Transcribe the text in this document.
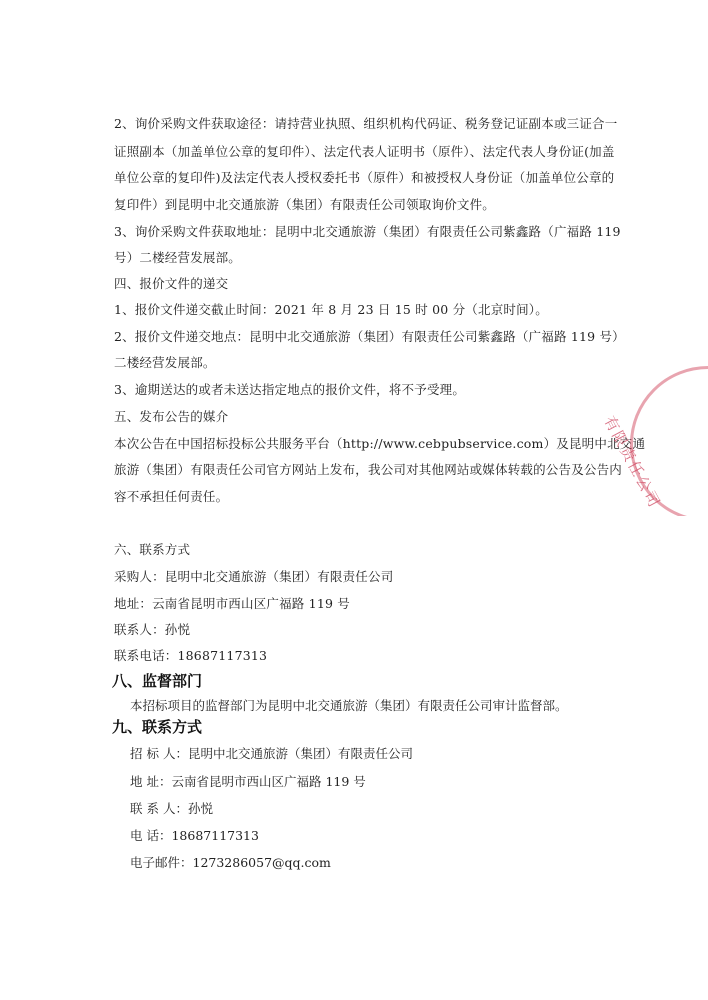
2、询价采购文件获取途径：请持营业执照、组织机构代码证、税务登记证副本或三证合一
证照副本（加盖单位公章的复印件）、法定代表人证明书（原件）、法定代表人身份证(加盖
单位公章的复印件)及法定代表人授权委托书（原件）和被授权人身份证（加盖单位公章的
复印件）到昆明中北交通旅游（集团）有限责任公司领取询价文件。
3、询价采购文件获取地址：昆明中北交通旅游（集团）有限责任公司紫鑫路（广福路 119
号）二楼经营发展部。
四、报价文件的递交
1、报价文件递交截止时间：2021 年 8 月 23 日 15 时 00 分（北京时间）。
2、报价文件递交地点：昆明中北交通旅游（集团）有限责任公司紫鑫路（广福路 119 号）
二楼经营发展部。
3、逾期送达的或者未送达指定地点的报价文件，将不予受理。
五、发布公告的媒介
本次公告在中国招标投标公共服务平台（http://www.cebpubservice.com）及昆明中北交通
旅游（集团）有限责任公司官方网站上发布，我公司对其他网站或媒体转载的公告及公告内
容不承担任何责任。
六、联系方式
采购人：昆明中北交通旅游（集团）有限责任公司
地址：云南省昆明市西山区广福路 119 号
联系人：孙悦
联系电话：18687117313
八、监督部门
本招标项目的监督部门为昆明中北交通旅游（集团）有限责任公司审计监督部。
九、联系方式
招 标 人：昆明中北交通旅游（集团）有限责任公司
地 址：云南省昆明市西山区广福路 119 号
联 系 人：孙悦
电 话：18687117313
电子邮件：1273286057@qq.com
有限责任公司
